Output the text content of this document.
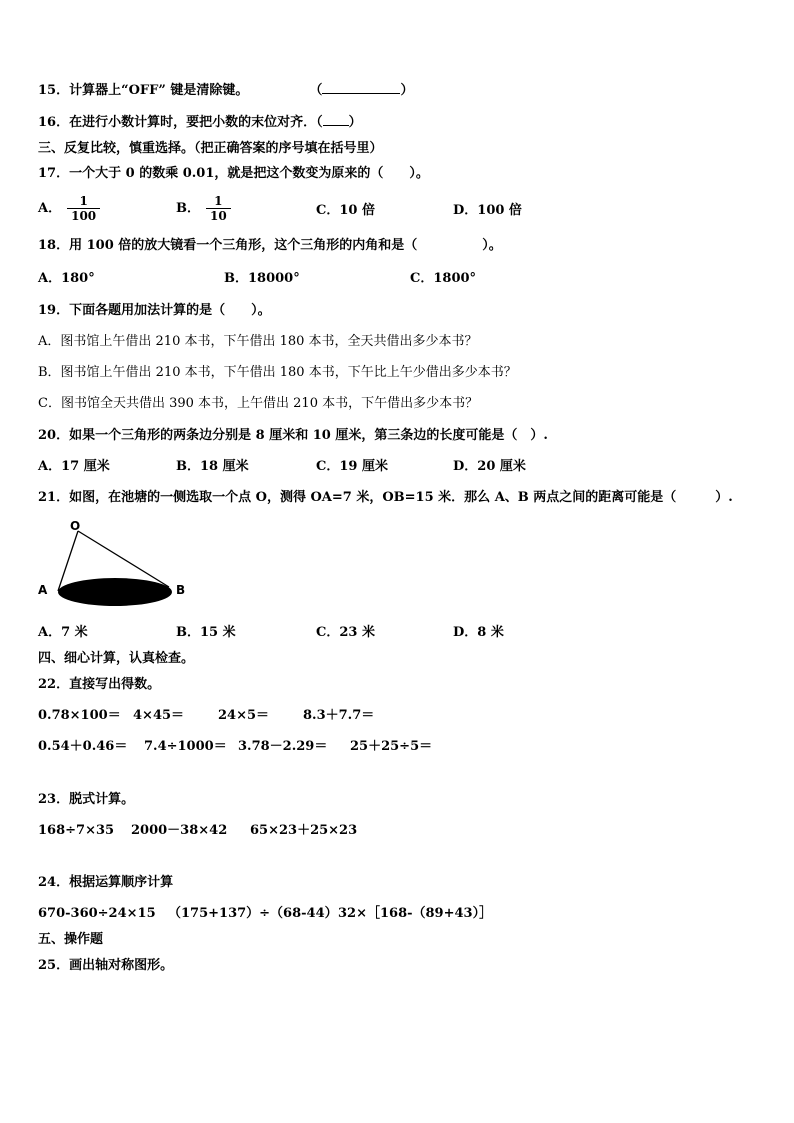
15．计算器上“OFF” 键是清除键。	（	）
16．在进行小数计算时，要把小数的末位对齐．（ ）
三、反复比较，慎重选择。（把正确答案的序号填在括号里）
17．一个大于 0 的数乘 0.01，就是把这个数变为原来的（　　）。
A． $\frac{1}{100}$	B． $\frac{1}{10}$	C．10 倍	D．100 倍
18．用 100 倍的放大镜看一个三角形，这个三角形的内角和是（　　　　　）。
A．180°	B．18000°	C．1800°
19．下面各题用加法计算的是（　　）。
A．图书馆上午借出 210 本书，下午借出 180 本书，全天共借出多少本书？
B．图书馆上午借出 210 本书，下午借出 180 本书，下午比上午少借出多少本书？
C．图书馆全天共借出 390 本书，上午借出 210 本书，下午借出多少本书？
20．如果一个三角形的两条边分别是 8 厘米和 10 厘米，第三条边的长度可能是（　）.
A．17 厘米	B．18 厘米	C．19 厘米	D．20 厘米
21．如图，在池塘的一侧选取一个点 O，测得 OA=7 米，OB=15 米．那么 A、B 两点之间的距离可能是（　　　）.
O
A	B
A．7 米	B．15 米	C．23 米	D．8 米
四、细心计算，认真检查。
22．直接写出得数。
0.78×100＝ 4×45＝	24×5＝	8.3＋7.7＝
0.54＋0.46＝ 7.4÷1000＝ 3.78－2.29＝ 25＋25÷5＝
23．脱式计算。
168÷7×35 2000－38×42 65×23＋25×23
24．根据运算顺序计算
670-360÷24×15 （175+137）÷（68-44） 32×［168-（89+43）］
五、操作题
25．画出轴对称图形。
